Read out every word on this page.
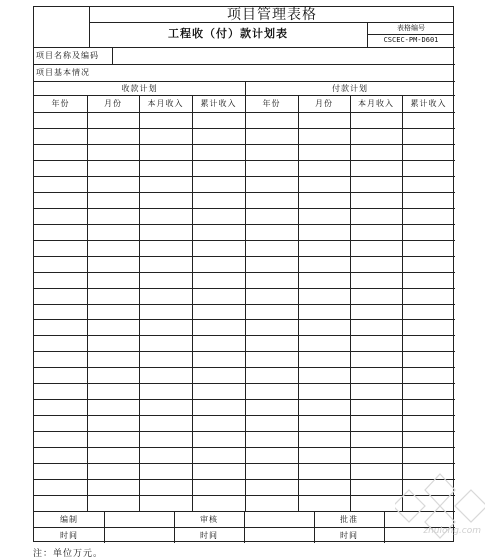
项目管理表格
工程收（付）款计划表	表格编号
CSCEC-PM-D601
项目名称及编码
项目基本情况
收款计划	付款计划
年份	月份	本月收入	累计收入	年份	月份	本月收入	累计收入
编制	审核	批准
时间	时间	时间
注：单位万元。
zhulong.com
